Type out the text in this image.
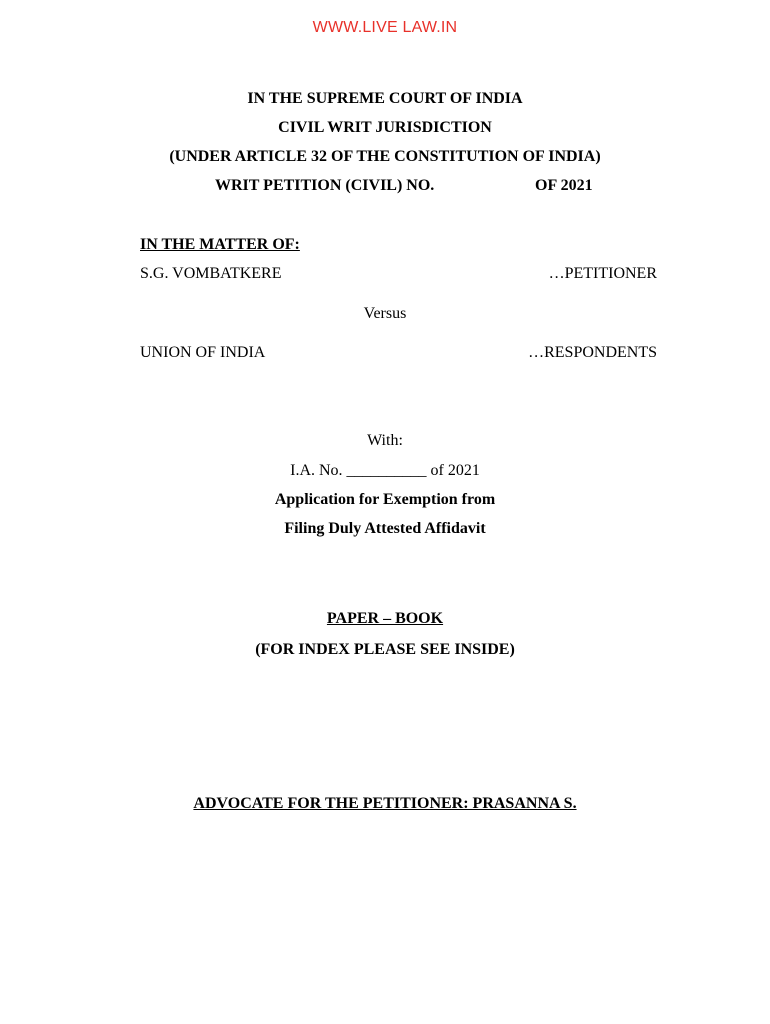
WWW.LIVE LAW.IN
IN THE SUPREME COURT OF INDIA
CIVIL WRIT JURISDICTION
(UNDER ARTICLE 32 OF THE CONSTITUTION OF INDIA)
WRIT PETITION (CIVIL) NO.	OF 2021
IN THE MATTER OF:
S.G. VOMBATKERE	…PETITIONER
Versus
UNION OF INDIA	…RESPONDENTS
With:
I.A. No. __________ of 2021
Application for Exemption from
Filing Duly Attested Affidavit
PAPER – BOOK
(FOR INDEX PLEASE SEE INSIDE)
ADVOCATE FOR THE PETITIONER: PRASANNA S.
